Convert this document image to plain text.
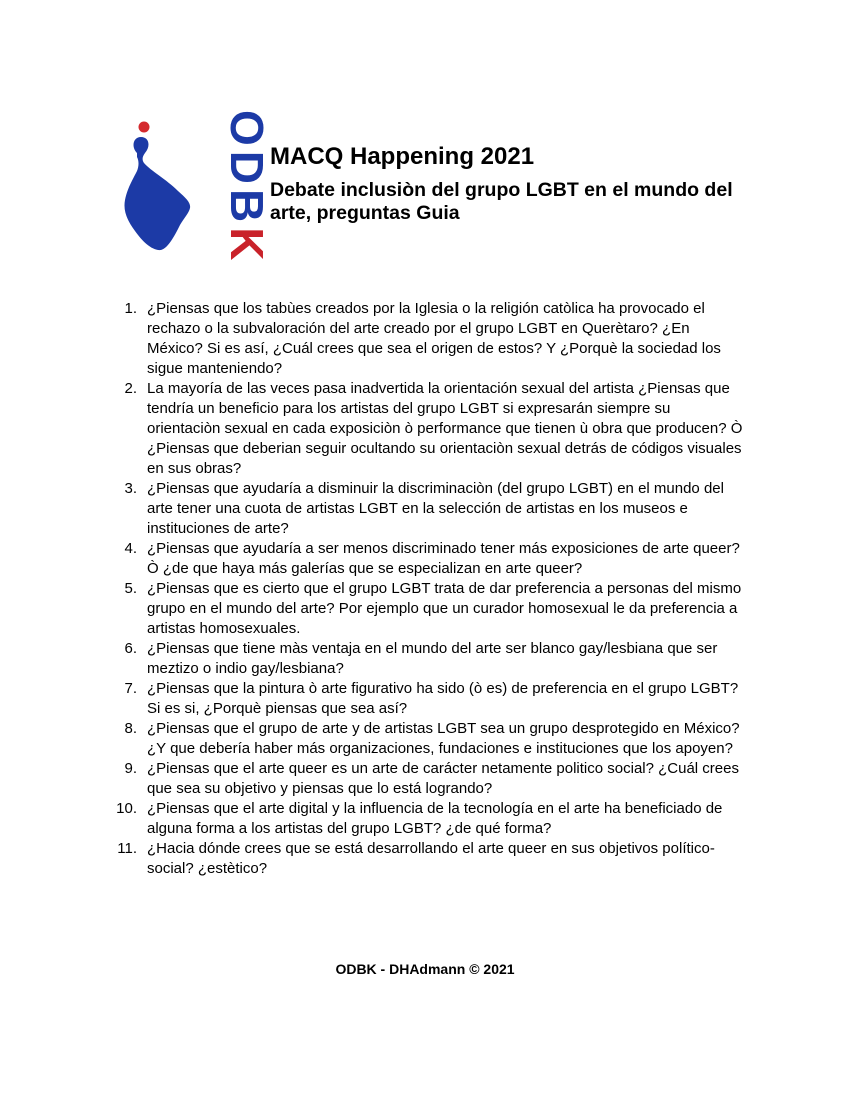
ODBK
MACQ Happening 2021
Debate inclusiòn del grupo LGBT en el mundo del arte, preguntas Guia
1. ¿Piensas que los tabùes creados por la Iglesia o la religión catòlica ha provocado el rechazo o la subvaloración del arte creado por el grupo LGBT en Querètaro? ¿En México? Si es así, ¿Cuál crees que sea el origen de estos? Y ¿Porquè la sociedad los sigue manteniendo?
2. La mayoría de las veces pasa inadvertida la orientación sexual del artista ¿Piensas que tendría un beneficio para los artistas del grupo LGBT si expresarán siempre su orientaciòn sexual en cada exposiciòn ò performance que tienen ù obra que producen? Ò ¿Piensas que deberian seguir ocultando su orientaciòn sexual detrás de códigos visuales en sus obras?
3. ¿Piensas que ayudaría a disminuir la discriminaciòn (del grupo LGBT) en el mundo del arte tener una cuota de artistas LGBT en la selección de artistas en los museos e instituciones de arte?
4. ¿Piensas que ayudaría a ser menos discriminado tener más exposiciones de arte queer? Ò ¿de que haya más galerías que se especializan en arte queer?
5. ¿Piensas que es cierto que el grupo LGBT trata de dar preferencia a personas del mismo grupo en el mundo del arte? Por ejemplo que un curador homosexual le da preferencia a artistas homosexuales.
6. ¿Piensas que tiene màs ventaja en el mundo del arte ser blanco gay/lesbiana que ser meztizo o indio gay/lesbiana?
7. ¿Piensas que la pintura ò arte figurativo ha sido (ò es) de preferencia en el grupo LGBT? Si es si, ¿Porquè piensas que sea así?
8. ¿Piensas que el grupo de arte y de artistas LGBT sea un grupo desprotegido en México? ¿Y que debería haber más organizaciones, fundaciones e instituciones que los apoyen?
9. ¿Piensas que el arte queer es un arte de carácter netamente politico social? ¿Cuál crees que sea su objetivo y piensas que lo está logrando?
10. ¿Piensas que el arte digital y la influencia de la tecnología en el arte ha beneficiado de alguna forma a los artistas del grupo LGBT? ¿de qué forma?
11. ¿Hacia dónde crees que se está desarrollando el arte queer en sus objetivos político-social? ¿estètico?
ODBK - DHAdmann © 2021
